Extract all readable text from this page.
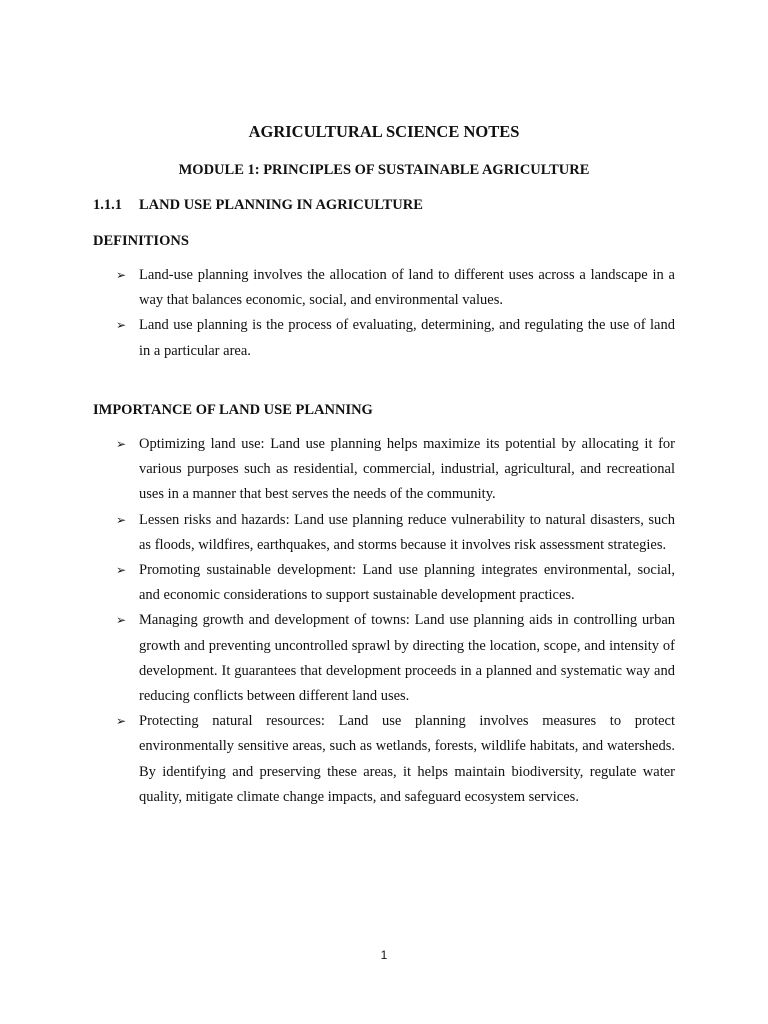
AGRICULTURAL SCIENCE NOTES
MODULE 1: PRINCIPLES OF SUSTAINABLE AGRICULTURE
1.1.1 LAND USE PLANNING IN AGRICULTURE
DEFINITIONS
➢ Land-use planning involves the allocation of land to different uses across a landscape in a way that balances economic, social, and environmental values.
➢ Land use planning is the process of evaluating, determining, and regulating the use of land in a particular area.
IMPORTANCE OF LAND USE PLANNING
➢ Optimizing land use: Land use planning helps maximize its potential by allocating it for various purposes such as residential, commercial, industrial, agricultural, and recreational uses in a manner that best serves the needs of the community.
➢ Lessen risks and hazards: Land use planning reduce vulnerability to natural disasters, such as floods, wildfires, earthquakes, and storms because it involves risk assessment strategies.
➢ Promoting sustainable development: Land use planning integrates environmental, social, and economic considerations to support sustainable development practices.
➢ Managing growth and development of towns: Land use planning aids in controlling urban growth and preventing uncontrolled sprawl by directing the location, scope, and intensity of development. It guarantees that development proceeds in a planned and systematic way and reducing conflicts between different land uses.
➢ Protecting natural resources: Land use planning involves measures to protect environmentally sensitive areas, such as wetlands, forests, wildlife habitats, and watersheds. By identifying and preserving these areas, it helps maintain biodiversity, regulate water quality, mitigate climate change impacts, and safeguard ecosystem services.
1
